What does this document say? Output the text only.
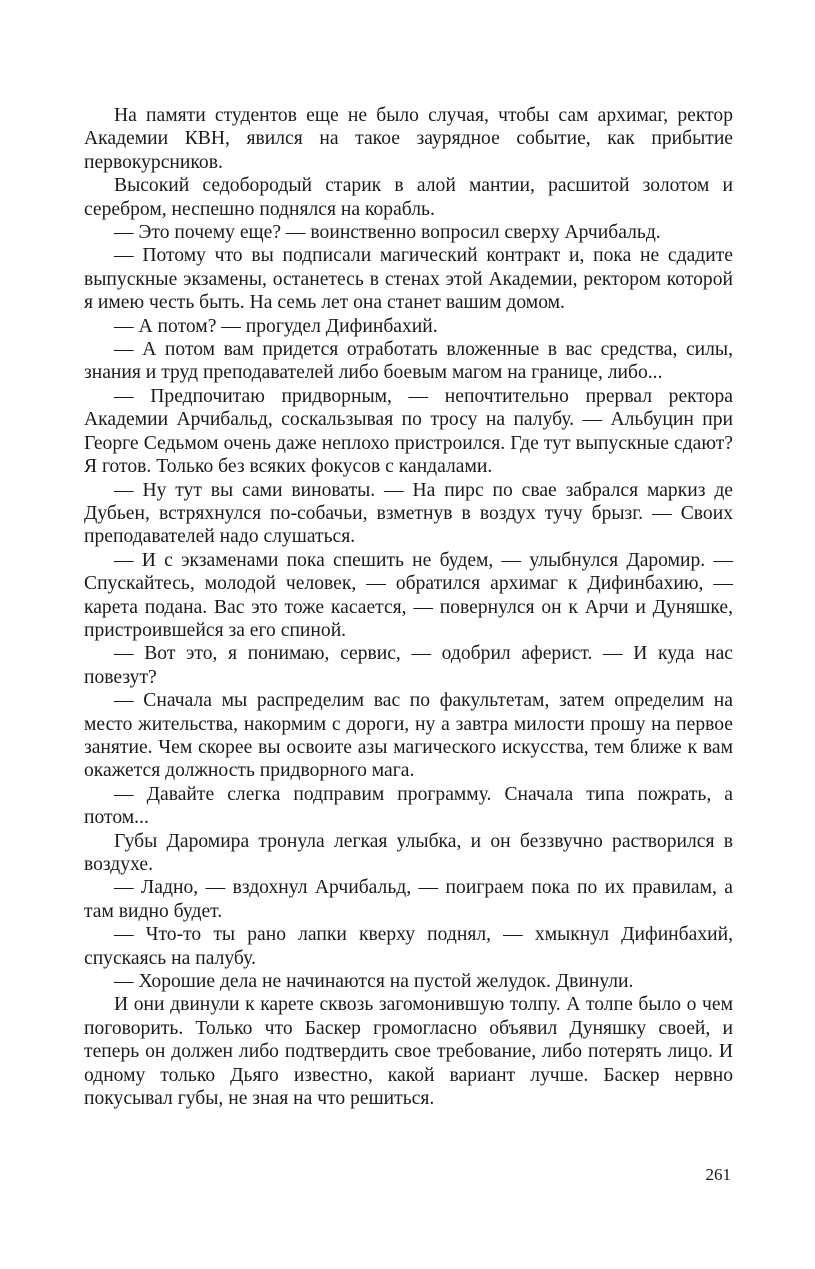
На памяти студентов еще не было случая, чтобы сам архимаг, ректор Академии КВН, явился на такое заурядное событие, как прибытие первокурсников.

Высокий седобородый старик в алой мантии, расшитой золотом и серебром, неспешно поднялся на корабль.

— Это почему еще? — воинственно вопросил сверху Арчибальд.

— Потому что вы подписали магический контракт и, пока не сдадите выпускные экзамены, останетесь в стенах этой Академии, ректором которой я имею честь быть. На семь лет она станет вашим домом.

— А потом? — прогудел Дифинбахий.

— А потом вам придется отработать вложенные в вас средства, силы, знания и труд преподавателей либо боевым магом на границе, либо...

— Предпочитаю придворным, — непочтительно прервал ректора Академии Арчибальд, соскальзывая по тросу на палубу. — Альбуцин при Георге Седьмом очень даже неплохо пристроился. Где тут выпускные сдают? Я готов. Только без всяких фокусов с кандалами.

— Ну тут вы сами виноваты. — На пирс по свае забрался маркиз де Дубьен, встряхнулся по-собачьи, взметнув в воздух тучу брызг. — Своих преподавателей надо слушаться.

— И с экзаменами пока спешить не будем, — улыбнулся Даромир. — Спускайтесь, молодой человек, — обратился архимаг к Дифинбахию, — карета подана. Вас это тоже касается, — повернулся он к Арчи и Дуняшке, пристроившейся за его спиной.

— Вот это, я понимаю, сервис, — одобрил аферист. — И куда нас повезут?

— Сначала мы распределим вас по факультетам, затем определим на место жительства, накормим с дороги, ну а завтра милости прошу на первое занятие. Чем скорее вы освоите азы магического искусства, тем ближе к вам окажется должность придворного мага.

— Давайте слегка подправим программу. Сначала типа пожрать, а потом...

Губы Даромира тронула легкая улыбка, и он беззвучно растворился в воздухе.

— Ладно, — вздохнул Арчибальд, — поиграем пока по их правилам, а там видно будет.

— Что-то ты рано лапки кверху поднял, — хмыкнул Дифинбахий, спускаясь на палубу.

— Хорошие дела не начинаются на пустой желудок. Двинули.

И они двинули к карете сквозь загомонившую толпу. А толпе было о чем поговорить. Только что Баскер громогласно объявил Дуняшку своей, и теперь он должен либо подтвердить свое требование, либо потерять лицо. И одному только Дьяго известно, какой вариант лучше. Баскер нервно покусывал губы, не зная на что решиться.

261
